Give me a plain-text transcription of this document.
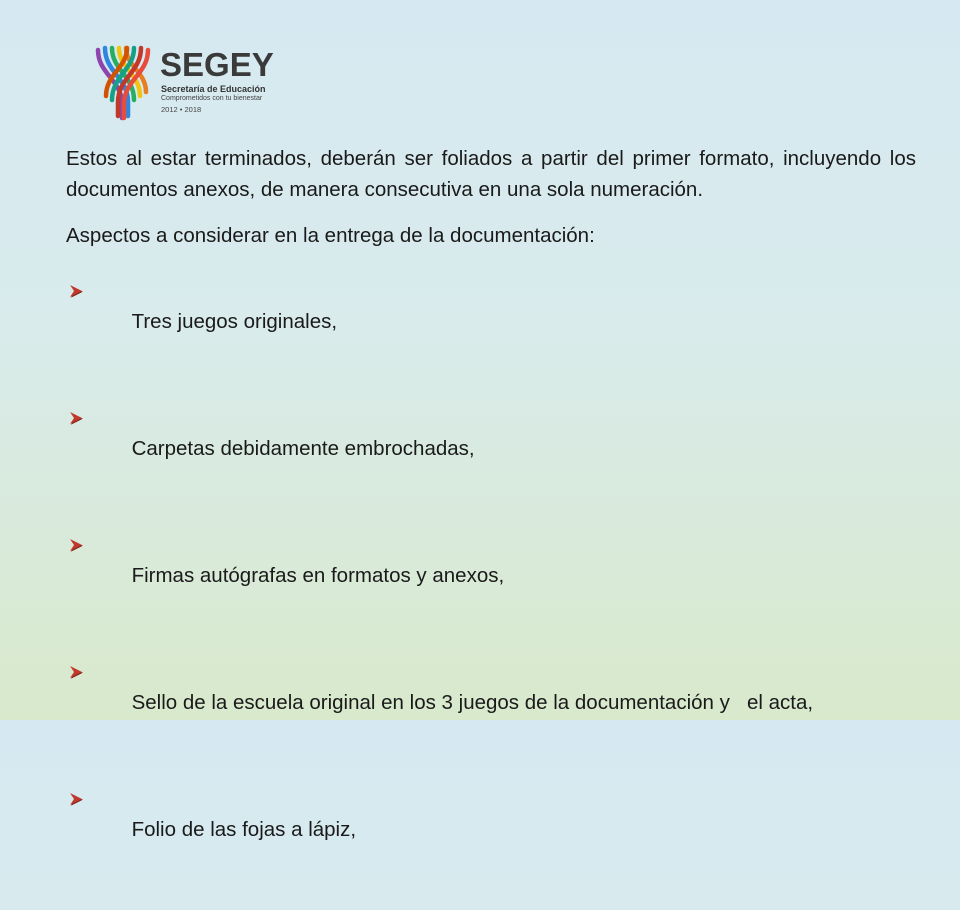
SEGEY
Secretaría de Educación
Comprometidos con tu bienestar
2012 • 2018

Estos al estar terminados, deberán ser foliados a partir del primer formato, incluyendo los documentos anexos, de manera consecutiva en una sola numeración.

Aspectos a considerar en la entrega de la documentación:

Tres juegos originales,

Carpetas debidamente embrochadas,

Firmas autógrafas en formatos y anexos,

Sello de la escuela original en los 3 juegos de la documentación y   el acta,

Folio de las fojas a lápiz,
